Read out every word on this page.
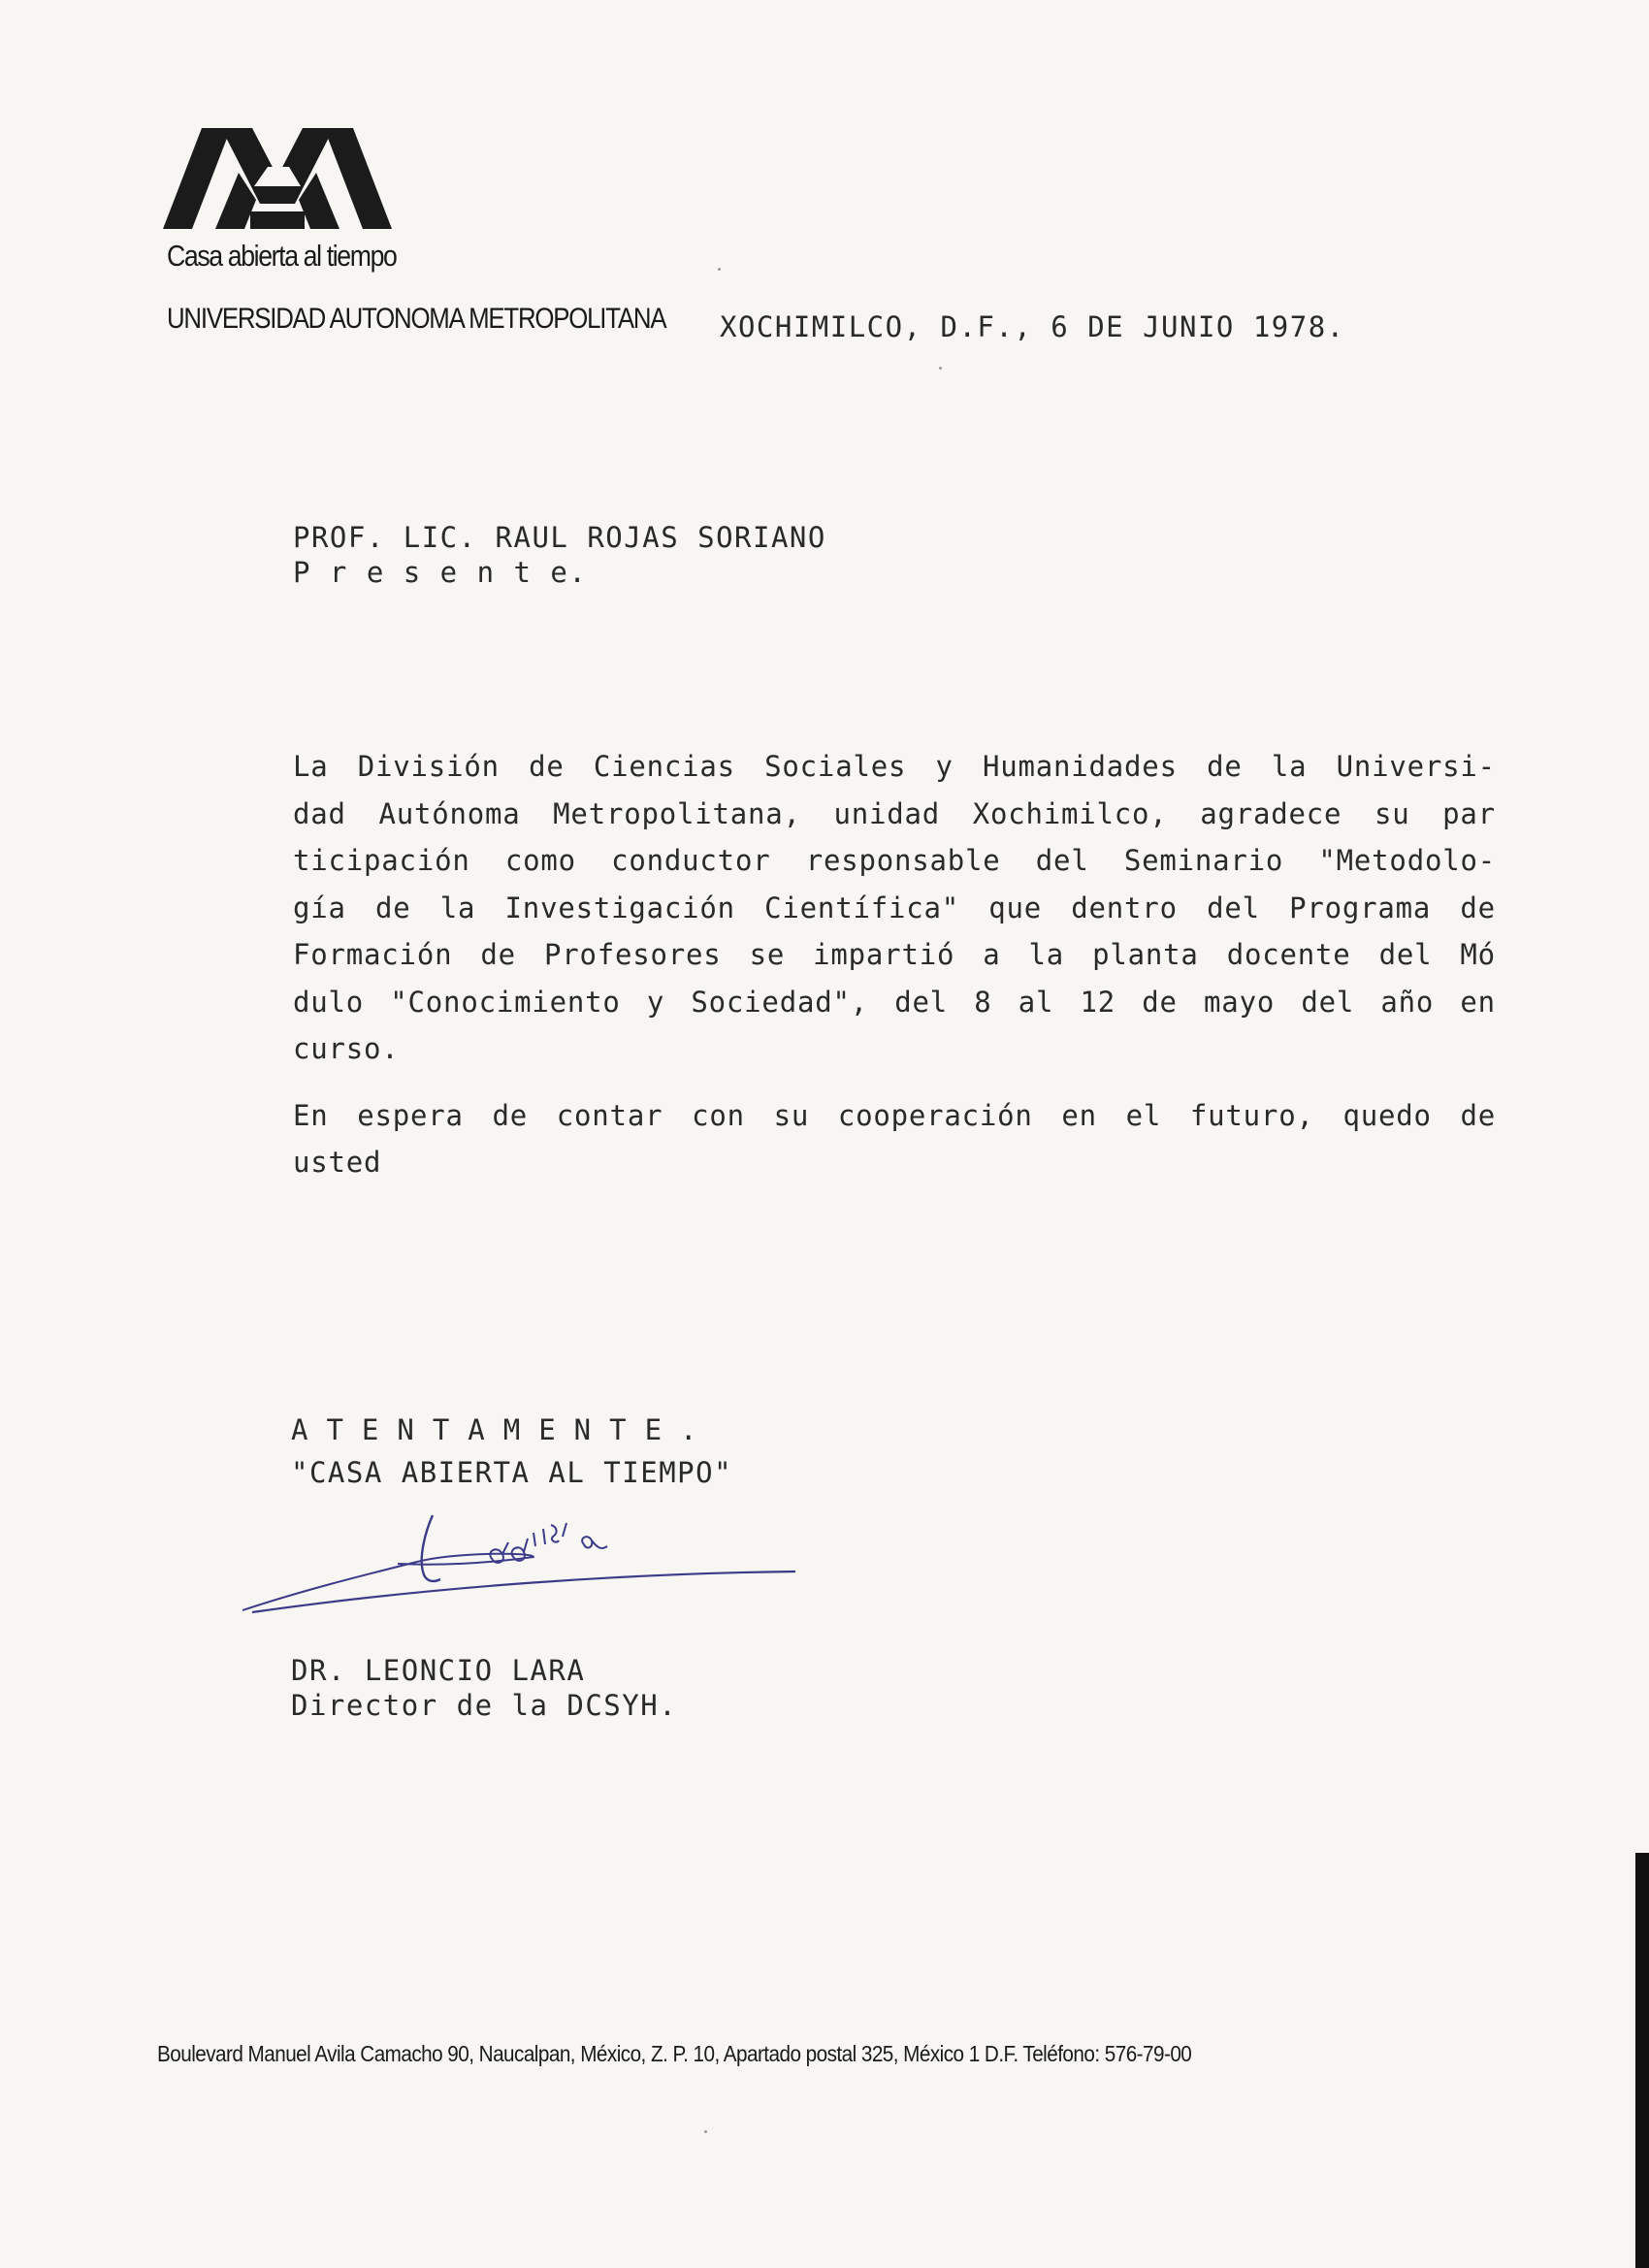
Casa abierta al tiempo
UNIVERSIDAD AUTONOMA METROPOLITANA XOCHIMILCO, D.F., 6 DE JUNIO 1978.
PROF. LIC. RAUL ROJAS SORIANO
P r e s e n t e.

La División de Ciencias Sociales y Humanidades de la Universi-
dad Autónoma Metropolitana, unidad Xochimilco, agradece su par
ticipación como conductor responsable del Seminario "Metodolo-
gía de la Investigación Científica" que dentro del Programa de
Formación de Profesores se impartió a la planta docente del Mó
dulo "Conocimiento y Sociedad", del 8 al 12 de mayo del año en
curso.

En espera de contar con su cooperación en el futuro, quedo de
usted

ATENTAMENTE.
"CASA ABIERTA AL TIEMPO"
DR. LEONCIO LARA
Director de la DCSYH.
Boulevard Manuel Avila Camacho 90, Naucalpan, México, Z. P. 10, Apartado postal 325, México 1 D.F. Teléfono: 576-79-00
